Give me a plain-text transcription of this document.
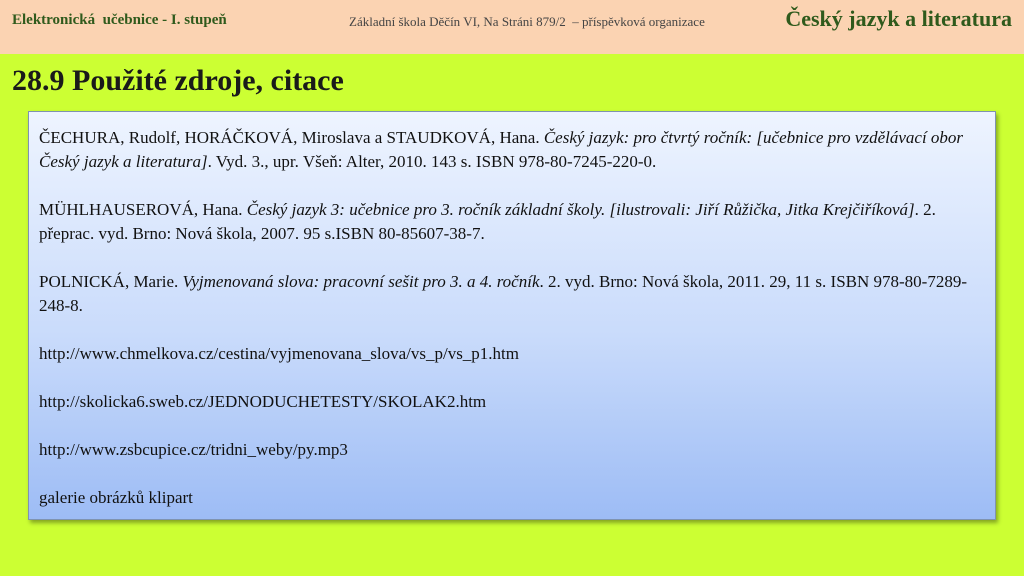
Elektronická  učebnice - I. stupeň	Základní škola Děčín VI, Na Stráni 879/2  – příspěvková organizace	Český jazyk a literatura
28.9 Použité zdroje, citace

ČECHURA, Rudolf, HORÁČKOVÁ, Miroslava a STAUDKOVÁ, Hana. Český jazyk: pro čtvrtý ročník: [učebnice pro vzdělávací obor Český jazyk a literatura]. Vyd. 3., upr. Všeň: Alter, 2010. 143 s. ISBN 978-80-7245-220-0.

MÜHLHAUSEROVÁ, Hana. Český jazyk 3: učebnice pro 3. ročník základní školy. [ilustrovali: Jiří Růžička, Jitka Krejčiříková]. 2. přeprac. vyd. Brno: Nová škola, 2007. 95 s.ISBN 80-85607-38-7.

POLNICKÁ, Marie. Vyjmenovaná slova: pracovní sešit pro 3. a 4. ročník. 2. vyd. Brno: Nová škola, 2011. 29, 11 s. ISBN 978-80-7289-248-8.

http://www.chmelkova.cz/cestina/vyjmenovana_slova/vs_p/vs_p1.htm

http://skolicka6.sweb.cz/JEDNODUCHETESTY/SKOLAK2.htm

http://www.zsbcupice.cz/tridni_weby/py.mp3

galerie obrázků klipart
